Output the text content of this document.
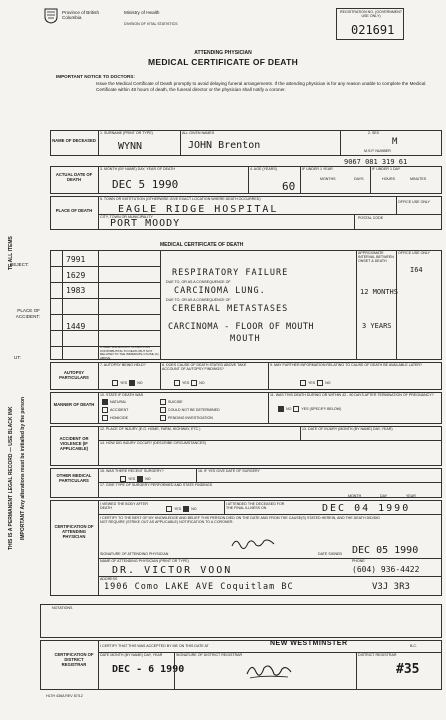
Province of British Columbia
Ministry of Health
DIVISION OF VITAL STATISTICS
REGISTRATION NO. (GOVERNMENT USE ONLY)
021691
ATTENDING PHYSICIAN
MEDICAL CERTIFICATE OF DEATH
IMPORTANT NOTICE TO DOCTORS:
Issue the Medical Certificate of Death promptly to avoid delaying funeral arrangements. If the attending physician is for any reason unable to complete the Medical Certificate within 48 hours of death, the funeral director or the physician shall notify a coroner.
TE ALL ITEMS
THIS IS A PERMANENT LEGAL RECORD — USE BLACK INK IMPORTANT Any alterations must be initialled by the person
REJECT:
PLACE OF ACCIDENT:
UT:
NAME OF DECEASED
1. SURNAME (PRINT OR TYPE)
WYNN
ALL GIVEN NAMES
JOHN Brenton
2. SEX
M
M.S.P. NUMBER
9067 081 319 61
ACTUAL DATE OF DEATH
3. MONTH (BY NAME) DAY, YEAR OF DEATH
DEC 5 1990
4. AGE (YEARS)
60
IF UNDER 1 YEAR
MONTHS	DAYS
IF UNDER 1 DAY
HOURS	MINUTES
PLACE OF DEATH
5. TOWN OR INSTITUTION (OTHERWISE GIVE EXACT LOCATION WHERE DEATH OCCURRED)
EAGLE RIDGE HOSPITAL
CITY, TOWN OR MUNICIPALITY
PORT MOODY
OFFICE USE ONLY
POSTAL CODE
MEDICAL CERTIFICATE OF DEATH
APPROXIMATE INTERVAL BETWEEN ONSET & DEATH
OFFICE USE ONLY
I64
7991
1629
1983
1449
RESPIRATORY FAILURE
DUE TO, OR AS A CONSEQUENCE OF
CARCINOMA LUNG.	12 MONTHS
DUE TO, OR AS A CONSEQUENCE OF
CEREBRAL METASTASES
CARCINOMA - FLOOR OF MOUTH
MOUTH
3 YEARS
OTHER SIGNIFICANT CONDITIONS CONTRIBUTING TO DEATH BUT NOT RELATED TO THE IMMEDIATE CAUSE (A) ABOVE
AUTOPSY PARTICULARS
7. AUTOPSY BEING HELD?
YES	NO
8. DOES CAUSE OF DEATH STATED ABOVE TAKE ACCOUNT OF AUTOPSY FINDINGS?
YES	NO
9. MAY FURTHER INFORMATION RELATING TO CAUSE OF DEATH BE AVAILABLE LATER?
YES	NO
MANNER OF DEATH
10. STATE IF DEATH WAS
NATURAL	SUICIDE
ACCIDENT	COULD NOT BE DETERMINED
HOMICIDE	PENDING INVESTIGATION
11. WAS THIS DEATH DURING OR WITHIN 42 - 90 DAYS AFTER TERMINATION OF PREGNANCY?
NO	YES (SPECIFY BELOW)
ACCIDENT OR VIOLENCE (IF APPLICABLE)
12. PLACE OF INJURY (E.G. HOME, FARM, HIGHWAY, ETC.)	13. DATE OF INJURY (MONTH (BY NAME) DAY, YEAR)
14. HOW DID INJURY OCCUR? (DESCRIBE CIRCUMSTANCES)
OTHER MEDICAL PARTICULARS
15. WAS THERE RECENT SURGERY?
YES	NO
16. IF YES GIVE DATE OF SURGERY
17. GIVE TYPE OF SURGERY PERFORMED AND STATE FINDINGS
CERTIFICATION OF ATTENDING PHYSICIAN
I VIEWED THE BODY AFTER DEATH	YES	NO
I ATTENDED THE DECEASED FOR THE FINAL ILLNESS ON
MONTH	DAY	YEAR
DEC 04 1990
I CERTIFY TO THE BEST OF MY KNOWLEDGE AND BELIEF THIS PERSON DIED ON THE DATE AND FROM THE CAUSE(S) STATED HEREIN, AND THE DEATH DID/DID NOT REQUIRE (STRIKE OUT AS APPLICABLE) NOTIFICATION TO A CORONER.
SIGNATURE OF ATTENDING PHYSICIAN	DATE SIGNED DEC 05 1990
NAME OF ATTENDING PHYSICIAN (PRINT OR TYPE)
DR. VICTOR VOON
PHONE
(604) 936-4422
ADDRESS
1906 Como LAKE AVE Coquitlam BC	V3J 3R3
NOTATIONS
CERTIFICATION OF DISTRICT REGISTRAR
I CERTIFY THAT THIS WAS ACCEPTED BY ME ON THIS DATE AT	NEW WESTMINSTER	B.C.
DATE MONTH (BY NAME) DAY, YEAR
DEC - 6 1990
SIGNATURE OF DISTRICT REGISTRAR	DISTRICT REGISTRAR
#35
HLTH 436A REV 87/12
